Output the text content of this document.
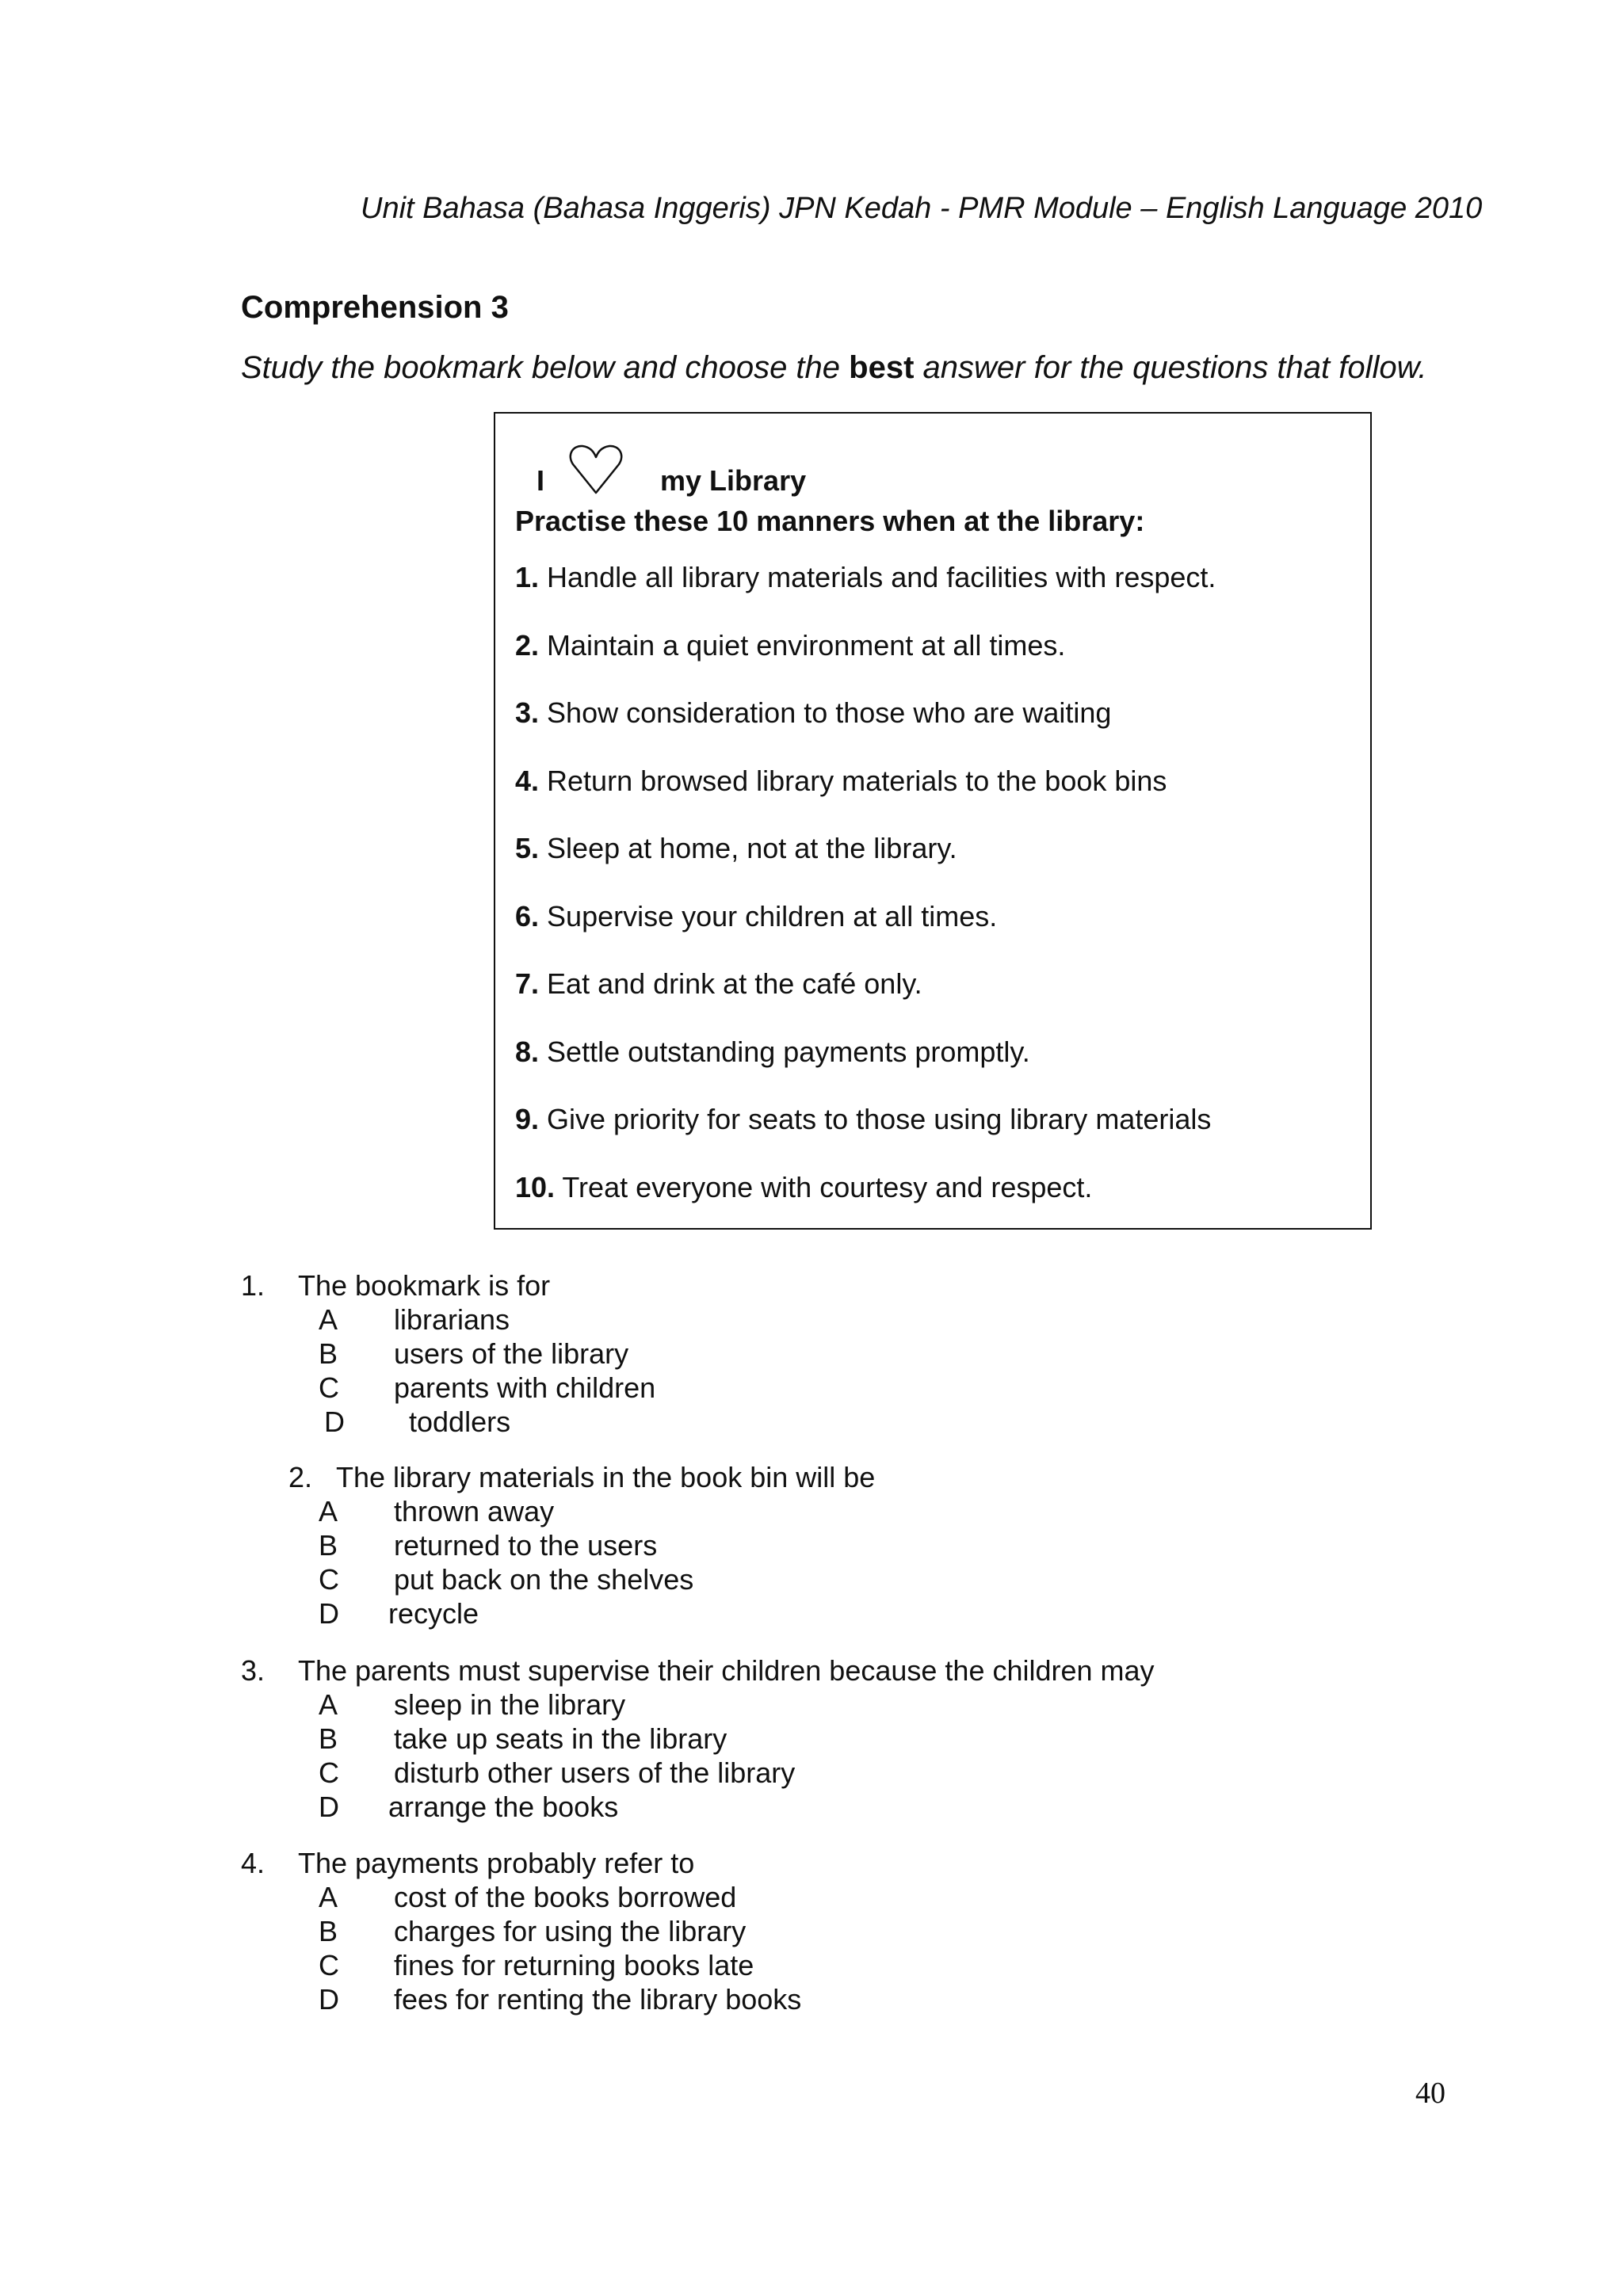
Unit Bahasa (Bahasa Inggeris) JPN Kedah - PMR Module – English Language 2010
Comprehension 3
Study the bookmark below and choose the best answer for the questions that follow.
I	my Library
Practise these 10 manners when at the library:
1. Handle all library materials and facilities with respect.
2. Maintain a quiet environment at all times.
3. Show consideration to those who are waiting
4. Return browsed library materials to the book bins
5. Sleep at home, not at the library.
6. Supervise your children at all times.
7. Eat and drink at the café only.
8. Settle outstanding payments promptly.
9. Give priority for seats to those using library materials
10. Treat everyone with courtesy and respect.
1. The bookmark is for
A librarians
B users of the library
C parents with children
D toddlers
2. The library materials in the book bin will be
A thrown away
B returned to the users
C put back on the shelves
D recycle
3. The parents must supervise their children because the children may
A sleep in the library
B take up seats in the library
C disturb other users of the library
D arrange the books
4. The payments probably refer to
A cost of the books borrowed
B charges for using the library
C fines for returning books late
D fees for renting the library books
40
